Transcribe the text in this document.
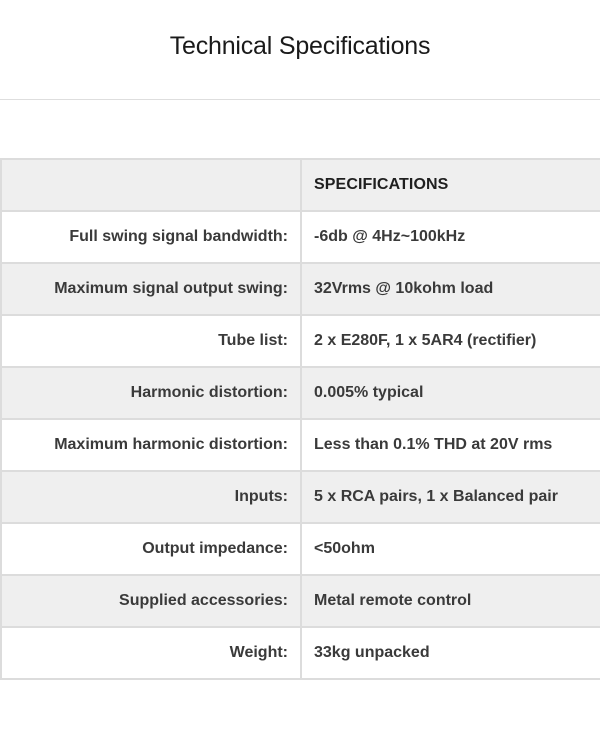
Technical Specifications
	SPECIFICATIONS
Full swing signal bandwidth:	-6db @ 4Hz~100kHz
Maximum signal output swing:	32Vrms @ 10kohm load
Tube list:	2 x E280F, 1 x 5AR4 (rectifier)
Harmonic distortion:	0.005% typical
Maximum harmonic distortion:	Less than 0.1% THD at 20V rms
Inputs:	5 x RCA pairs, 1 x Balanced pair
Output impedance:	<50ohm
Supplied accessories:	Metal remote control
Weight:	33kg unpacked
